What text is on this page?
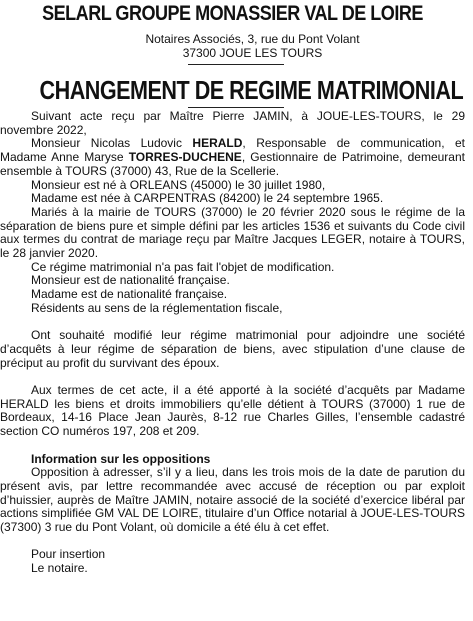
SELARL GROUPE MONASSIER VAL DE LOIRE
Notaires Associés, 3, rue du Pont Volant
37300 JOUE LES TOURS
CHANGEMENT DE REGIME MATRIMONIAL

Suivant acte reçu par Maître Pierre JAMIN, à JOUE-LES-TOURS, le 29 novembre 2022,

Monsieur Nicolas Ludovic HERALD, Responsable de communication, et Madame Anne Maryse TORRES-DUCHENE, Gestionnaire de Patrimoine, demeurant ensemble à TOURS (37000) 43, Rue de la Scellerie.

Monsieur est né à ORLEANS (45000) le 30 juillet 1980,

Madame est née à CARPENTRAS (84200) le 24 septembre 1965.

Mariés à la mairie de TOURS (37000) le 20 février 2020 sous le régime de la séparation de biens pure et simple défini par les articles 1536 et suivants du Code civil aux termes du contrat de mariage reçu par Maître Jacques LEGER, notaire à TOURS, le 28 janvier 2020.

Ce régime matrimonial n'a pas fait l'objet de modification.

Monsieur est de nationalité française.

Madame est de nationalité française.

Résidents au sens de la réglementation fiscale,

Ont souhaité modifié leur régime matrimonial pour adjoindre une société d’acquêts à leur régime de séparation de biens, avec stipulation d’une clause de préciput au profit du survivant des époux.

Aux termes de cet acte, il a été apporté à la société d’acquêts par Madame HERALD les biens et droits immobiliers qu’elle détient à TOURS (37000) 1 rue de Bordeaux, 14-16 Place Jean Jaurès, 8-12 rue Charles Gilles, l’ensemble cadastré section CO numéros 197, 208 et 209.

Information sur les oppositions

Opposition à adresser, s’il y a lieu, dans les trois mois de la date de parution du présent avis, par lettre recommandée avec accusé de réception ou par exploit d’huissier, auprès de Maître JAMIN, notaire associé de la société d’exercice libéral par actions simplifiée GM VAL DE LOIRE, titulaire d’un Office notarial à JOUE-LES-TOURS (37300) 3 rue du Pont Volant, où domicile a été élu à cet effet.

Pour insertion

Le notaire.
